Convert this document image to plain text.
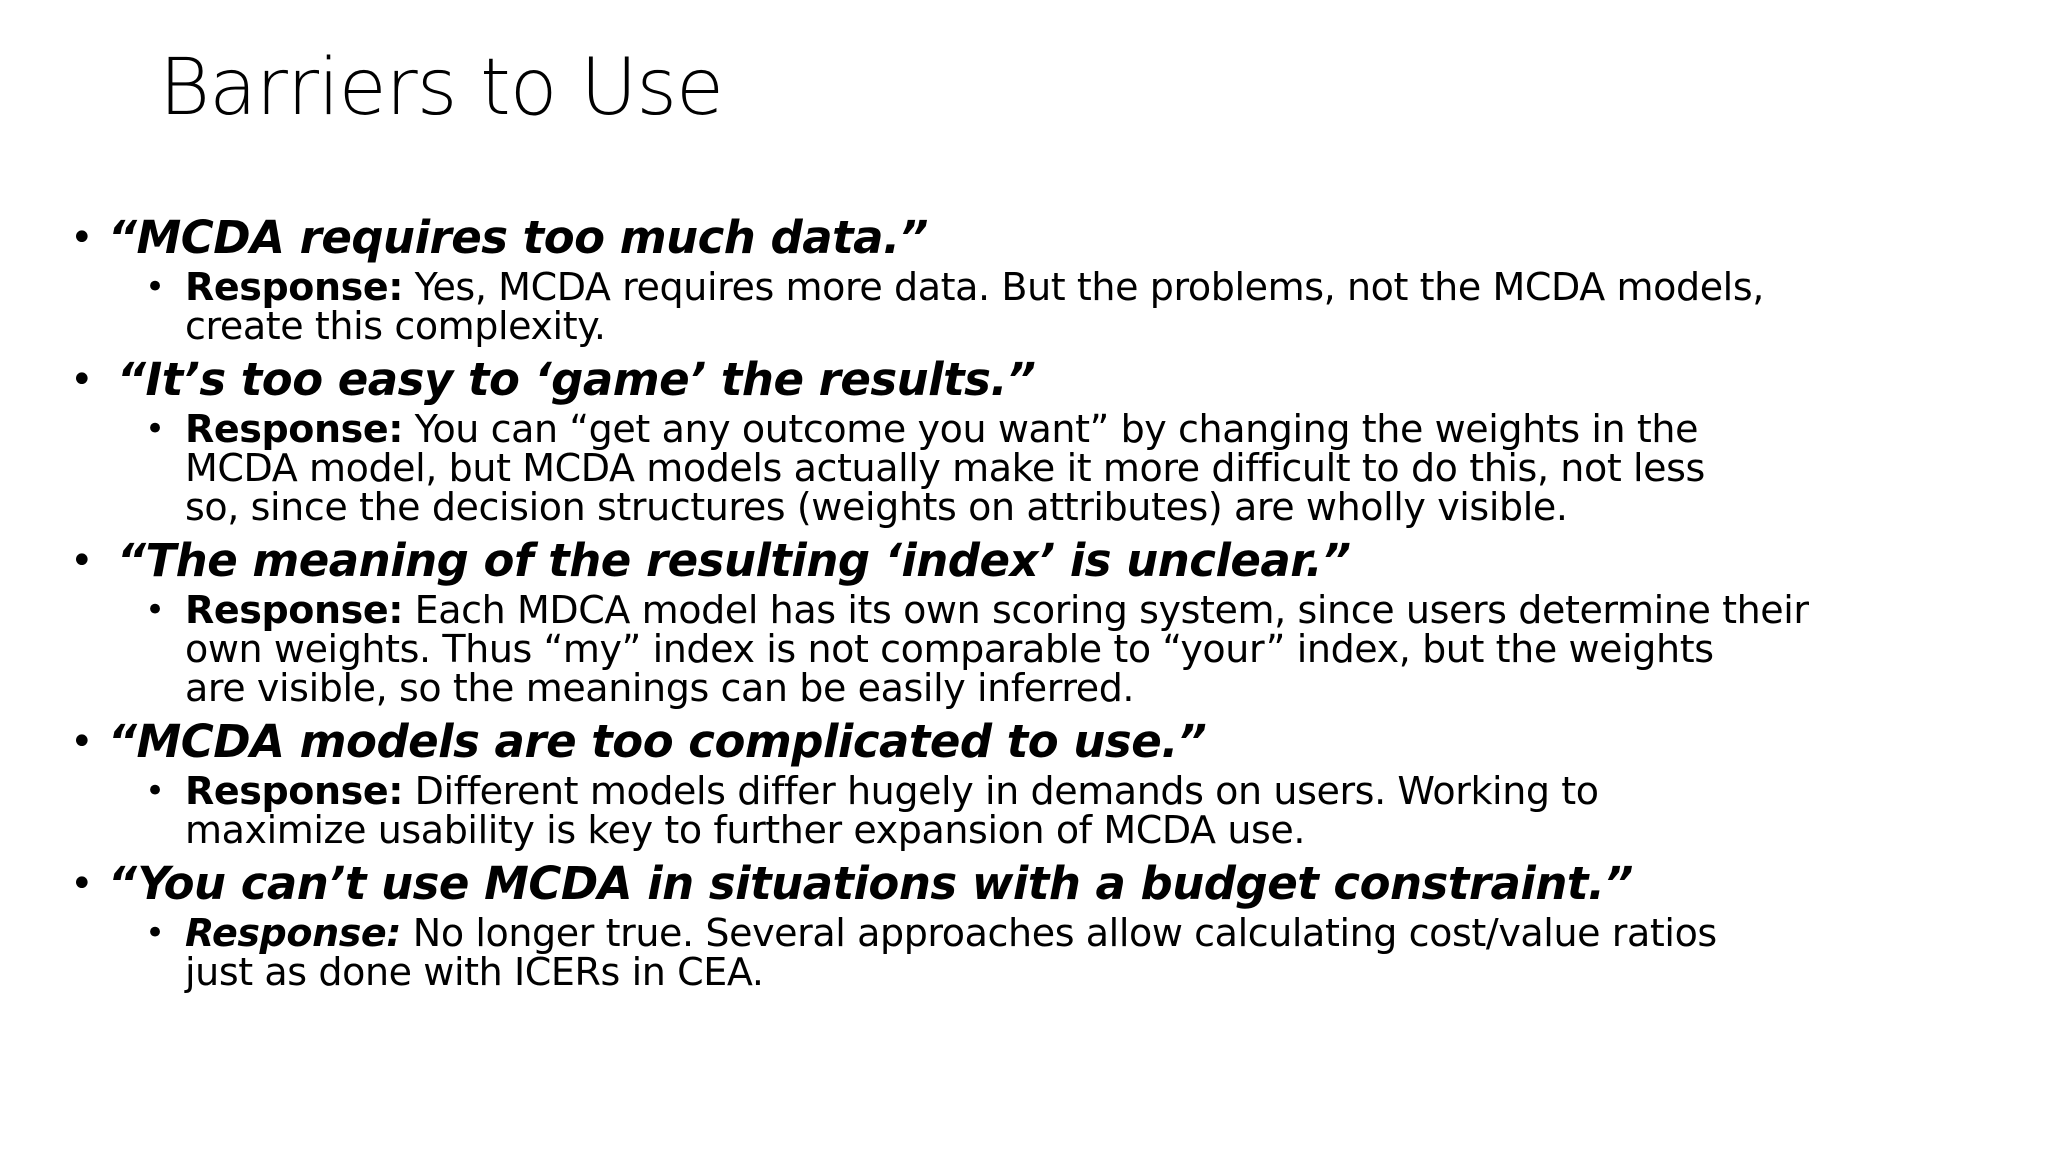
Barriers to Use

• “MCDA requires too much data.”

• Response: Yes, MCDA requires more data. But the problems, not the MCDA models,
create this complexity.

• “It’s too easy to ‘game’ the results.”

• Response: You can “get any outcome you want” by changing the weights in the
MCDA model, but MCDA models actually make it more difficult to do this, not less
so, since the decision structures (weights on attributes) are wholly visible.

• “The meaning of the resulting ‘index’ is unclear.”

• Response: Each MDCA model has its own scoring system, since users determine their
own weights. Thus “my” index is not comparable to “your” index, but the weights
are visible, so the meanings can be easily inferred.

• “MCDA models are too complicated to use.”

• Response: Different models differ hugely in demands on users. Working to
maximize usability is key to further expansion of MCDA use.

• “You can’t use MCDA in situations with a budget constraint.”

• Response: No longer true. Several approaches allow calculating cost/value ratios
just as done with ICERs in CEA.
